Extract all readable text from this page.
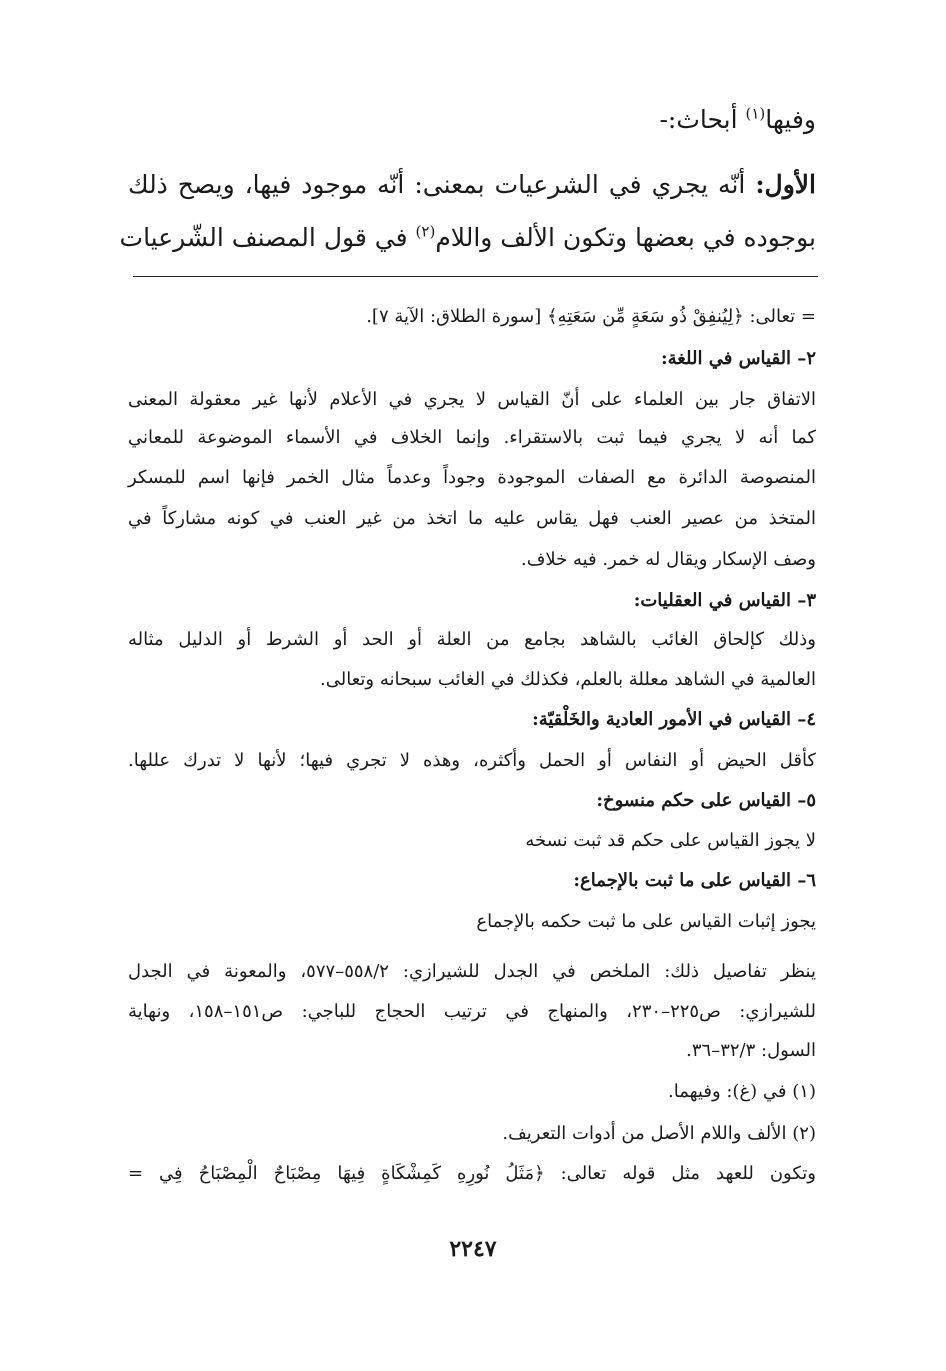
وفيها$^{(١)}$ أبحاث:-
الأول: أنّه يجري في الشرعيات بمعنى: أنّه موجود فيها، ويصح ذلك
بوجوده في بعضها وتكون الألف واللام$^{(٢)}$ في قول المصنف الشّرعيات
= تعالى: ﴿لِيُنفِقْ ذُو سَعَةٍ مِّن سَعَتِهِ﴾ [سورة الطلاق: الآية ٧].
٢– القياس في اللغة:
الاتفاق جار بين العلماء على أنّ القياس لا يجري في الأعلام لأنها غير معقولة المعنى
كما أنه لا يجري فيما ثبت بالاستقراء. وإنما الخلاف في الأسماء الموضوعة للمعاني
المنصوصة الدائرة مع الصفات الموجودة وجوداً وعدماً مثال الخمر فإنها اسم للمسكر
المتخذ من عصير العنب فهل يقاس عليه ما اتخذ من غير العنب في كونه مشاركاً في
وصف الإسكار ويقال له خمر. فيه خلاف.
٣– القياس في العقليات:
وذلك كإلحاق الغائب بالشاهد بجامع من العلة أو الحد أو الشرط أو الدليل مثاله
العالمية في الشاهد معللة بالعلم، فكذلك في الغائب سبحانه وتعالى.
٤– القياس في الأمور العادية والخَلْقيّة:
كأقل الحيض أو النفاس أو الحمل وأكثره، وهذه لا تجري فيها؛ لأنها لا تدرك عللها.
٥– القياس على حكم منسوخ:
لا يجوز القياس على حكم قد ثبت نسخه
٦– القياس على ما ثبت بالإجماع:
يجوز إثبات القياس على ما ثبت حكمه بالإجماع
ينظر تفاصيل ذلك: الملخص في الجدل للشيرازي: ٥٥٨/٢–٥٧٧، والمعونة في الجدل
للشيرازي: ص٢٢٥–٢٣٠، والمنهاج في ترتيب الحجاج للباجي: ص١٥١–١٥٨، ونهاية
السول: ٣٢/٣–٣٦.
(١) في (غ): وفيهما.
(٢) الألف واللام الأصل من أدوات التعريف.
وتكون للعهد مثل قوله تعالى: ﴿مَثَلُ نُورِهِ كَمِشْكَاةٍ فِيهَا مِصْبَاحٌ الْمِصْبَاحُ فِي =
٢٢٤٧
